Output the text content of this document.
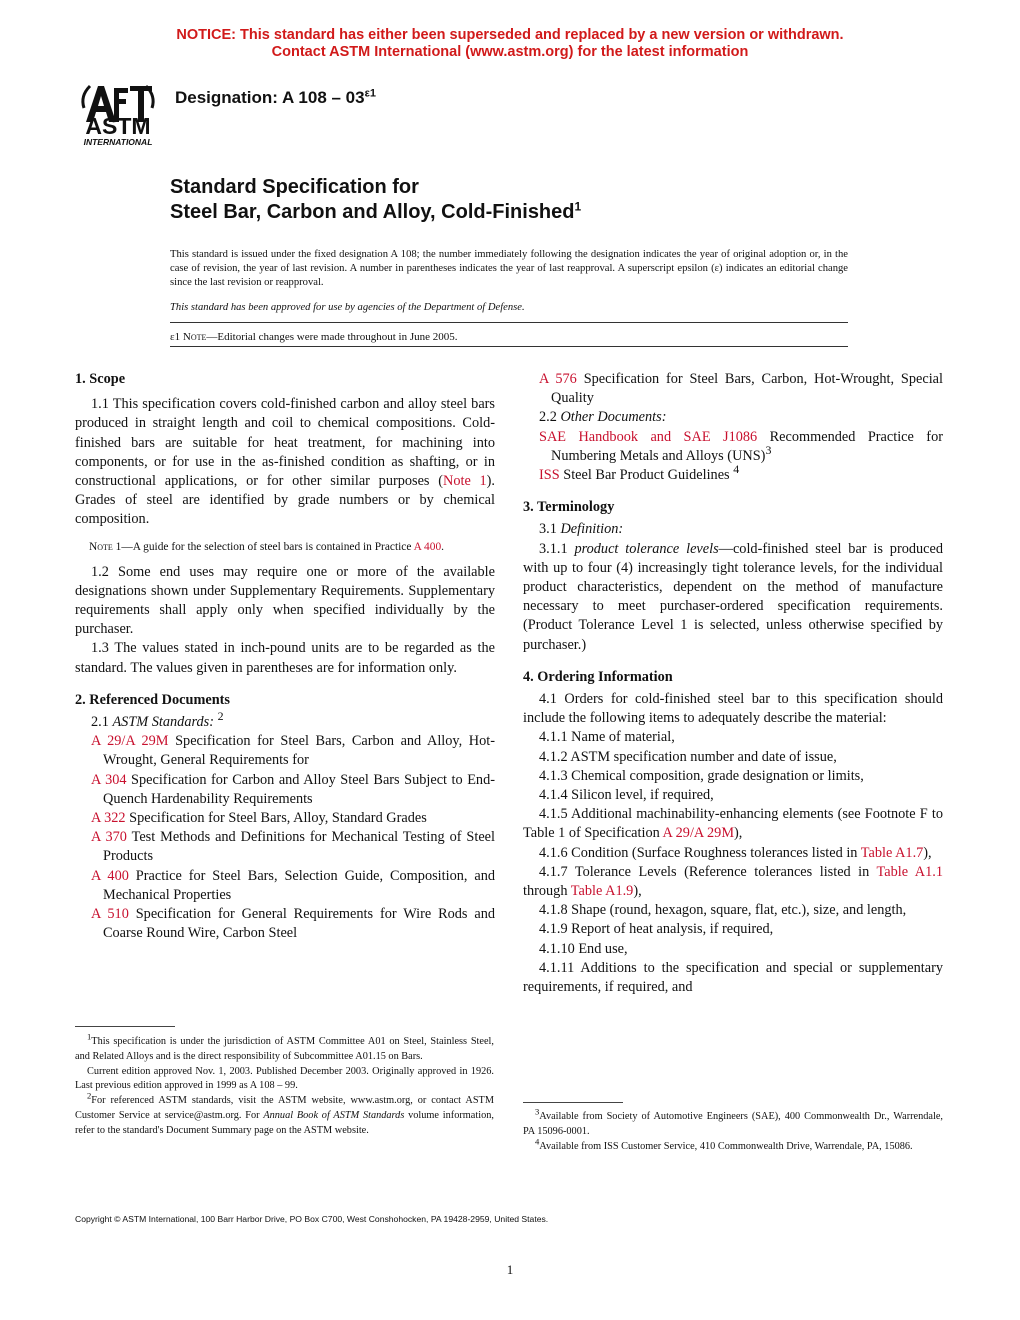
NOTICE: This standard has either been superseded and replaced by a new version or withdrawn.
Contact ASTM International (www.astm.org) for the latest information
ASTM
INTERNATIONAL
Designation: A $108 - 03^{\varepsilon 1}$
Standard Specification for
Steel Bar, Carbon and Alloy, Cold-Finished$^1$
This standard is issued under the fixed designation A 108; the number immediately following the designation indicates the year of original adoption or, in the case of revision, the year of last revision. A number in parentheses indicates the year of last reapproval. A superscript epsilon (ε) indicates an editorial change since the last revision or reapproval.
This standard has been approved for use by agencies of the Department of Defense.
ε1 Note—Editorial changes were made throughout in June 2005.

1. Scope

1.1 This specification covers cold-finished carbon and alloy steel bars produced in straight length and coil to chemical compositions. Cold-finished bars are suitable for heat treatment, for machining into components, or for use in the as-finished condition as shafting, or in constructional applications, or for other similar purposes (Note 1). Grades of steel are identified by grade numbers or by chemical composition.

Note 1—A guide for the selection of steel bars is contained in Practice A 400.

1.2 Some end uses may require one or more of the available designations shown under Supplementary Requirements. Supplementary requirements shall apply only when specified individually by the purchaser.

1.3 The values stated in inch-pound units are to be regarded as the standard. The values given in parentheses are for information only.

2. Referenced Documents

2.1 ASTM Standards: $^2$

A 29/A 29M Specification for Steel Bars, Carbon and Alloy, Hot-Wrought, General Requirements for

A 304 Specification for Carbon and Alloy Steel Bars Subject to End-Quench Hardenability Requirements

A 322 Specification for Steel Bars, Alloy, Standard Grades

A 370 Test Methods and Definitions for Mechanical Testing of Steel Products

A 400 Practice for Steel Bars, Selection Guide, Composition, and Mechanical Properties

A 510 Specification for General Requirements for Wire Rods and Coarse Round Wire, Carbon Steel

A 576 Specification for Steel Bars, Carbon, Hot-Wrought, Special Quality

2.2 Other Documents:

SAE Handbook and SAE J1086 Recommended Practice for Numbering Metals and Alloys (UNS)$^3$

ISS Steel Bar Product Guidelines $^4$

3. Terminology

3.1 Definition:

3.1.1 product tolerance levels—cold-finished steel bar is produced with up to four (4) increasingly tight tolerance levels, for the individual product characteristics, dependent on the method of manufacture necessary to meet purchaser-ordered specification requirements. (Product Tolerance Level 1 is selected, unless otherwise specified by purchaser.)

4. Ordering Information

4.1 Orders for cold-finished steel bar to this specification should include the following items to adequately describe the material:

4.1.1 Name of material,

4.1.2 ASTM specification number and date of issue,

4.1.3 Chemical composition, grade designation or limits,

4.1.4 Silicon level, if required,

4.1.5 Additional machinability-enhancing elements (see Footnote F to Table 1 of Specification A 29/A 29M),

4.1.6 Condition (Surface Roughness tolerances listed in Table A1.7),

4.1.7 Tolerance Levels (Reference tolerances listed in Table A1.1 through Table A1.9),

4.1.8 Shape (round, hexagon, square, flat, etc.), size, and length,

4.1.9 Report of heat analysis, if required,

4.1.10 End use,

4.1.11 Additions to the specification and special or supplementary requirements, if required, and

$^1$This specification is under the jurisdiction of ASTM Committee A01 on Steel, Stainless Steel, and Related Alloys and is the direct responsibility of Subcommittee A01.15 on Bars.

Current edition approved Nov. 1, 2003. Published December 2003. Originally approved in 1926. Last previous edition approved in 1999 as A 108 – 99.

$^2$For referenced ASTM standards, visit the ASTM website, www.astm.org, or contact ASTM Customer Service at service@astm.org. For Annual Book of ASTM Standards volume information, refer to the standard's Document Summary page on the ASTM website.

$^3$Available from Society of Automotive Engineers (SAE), 400 Commonwealth Dr., Warrendale, PA 15096-0001.

$^4$Available from ISS Customer Service, 410 Commonwealth Drive, Warrendale, PA, 15086.

Copyright © ASTM International, 100 Barr Harbor Drive, PO Box C700, West Conshohocken, PA 19428-2959, United States.
1
